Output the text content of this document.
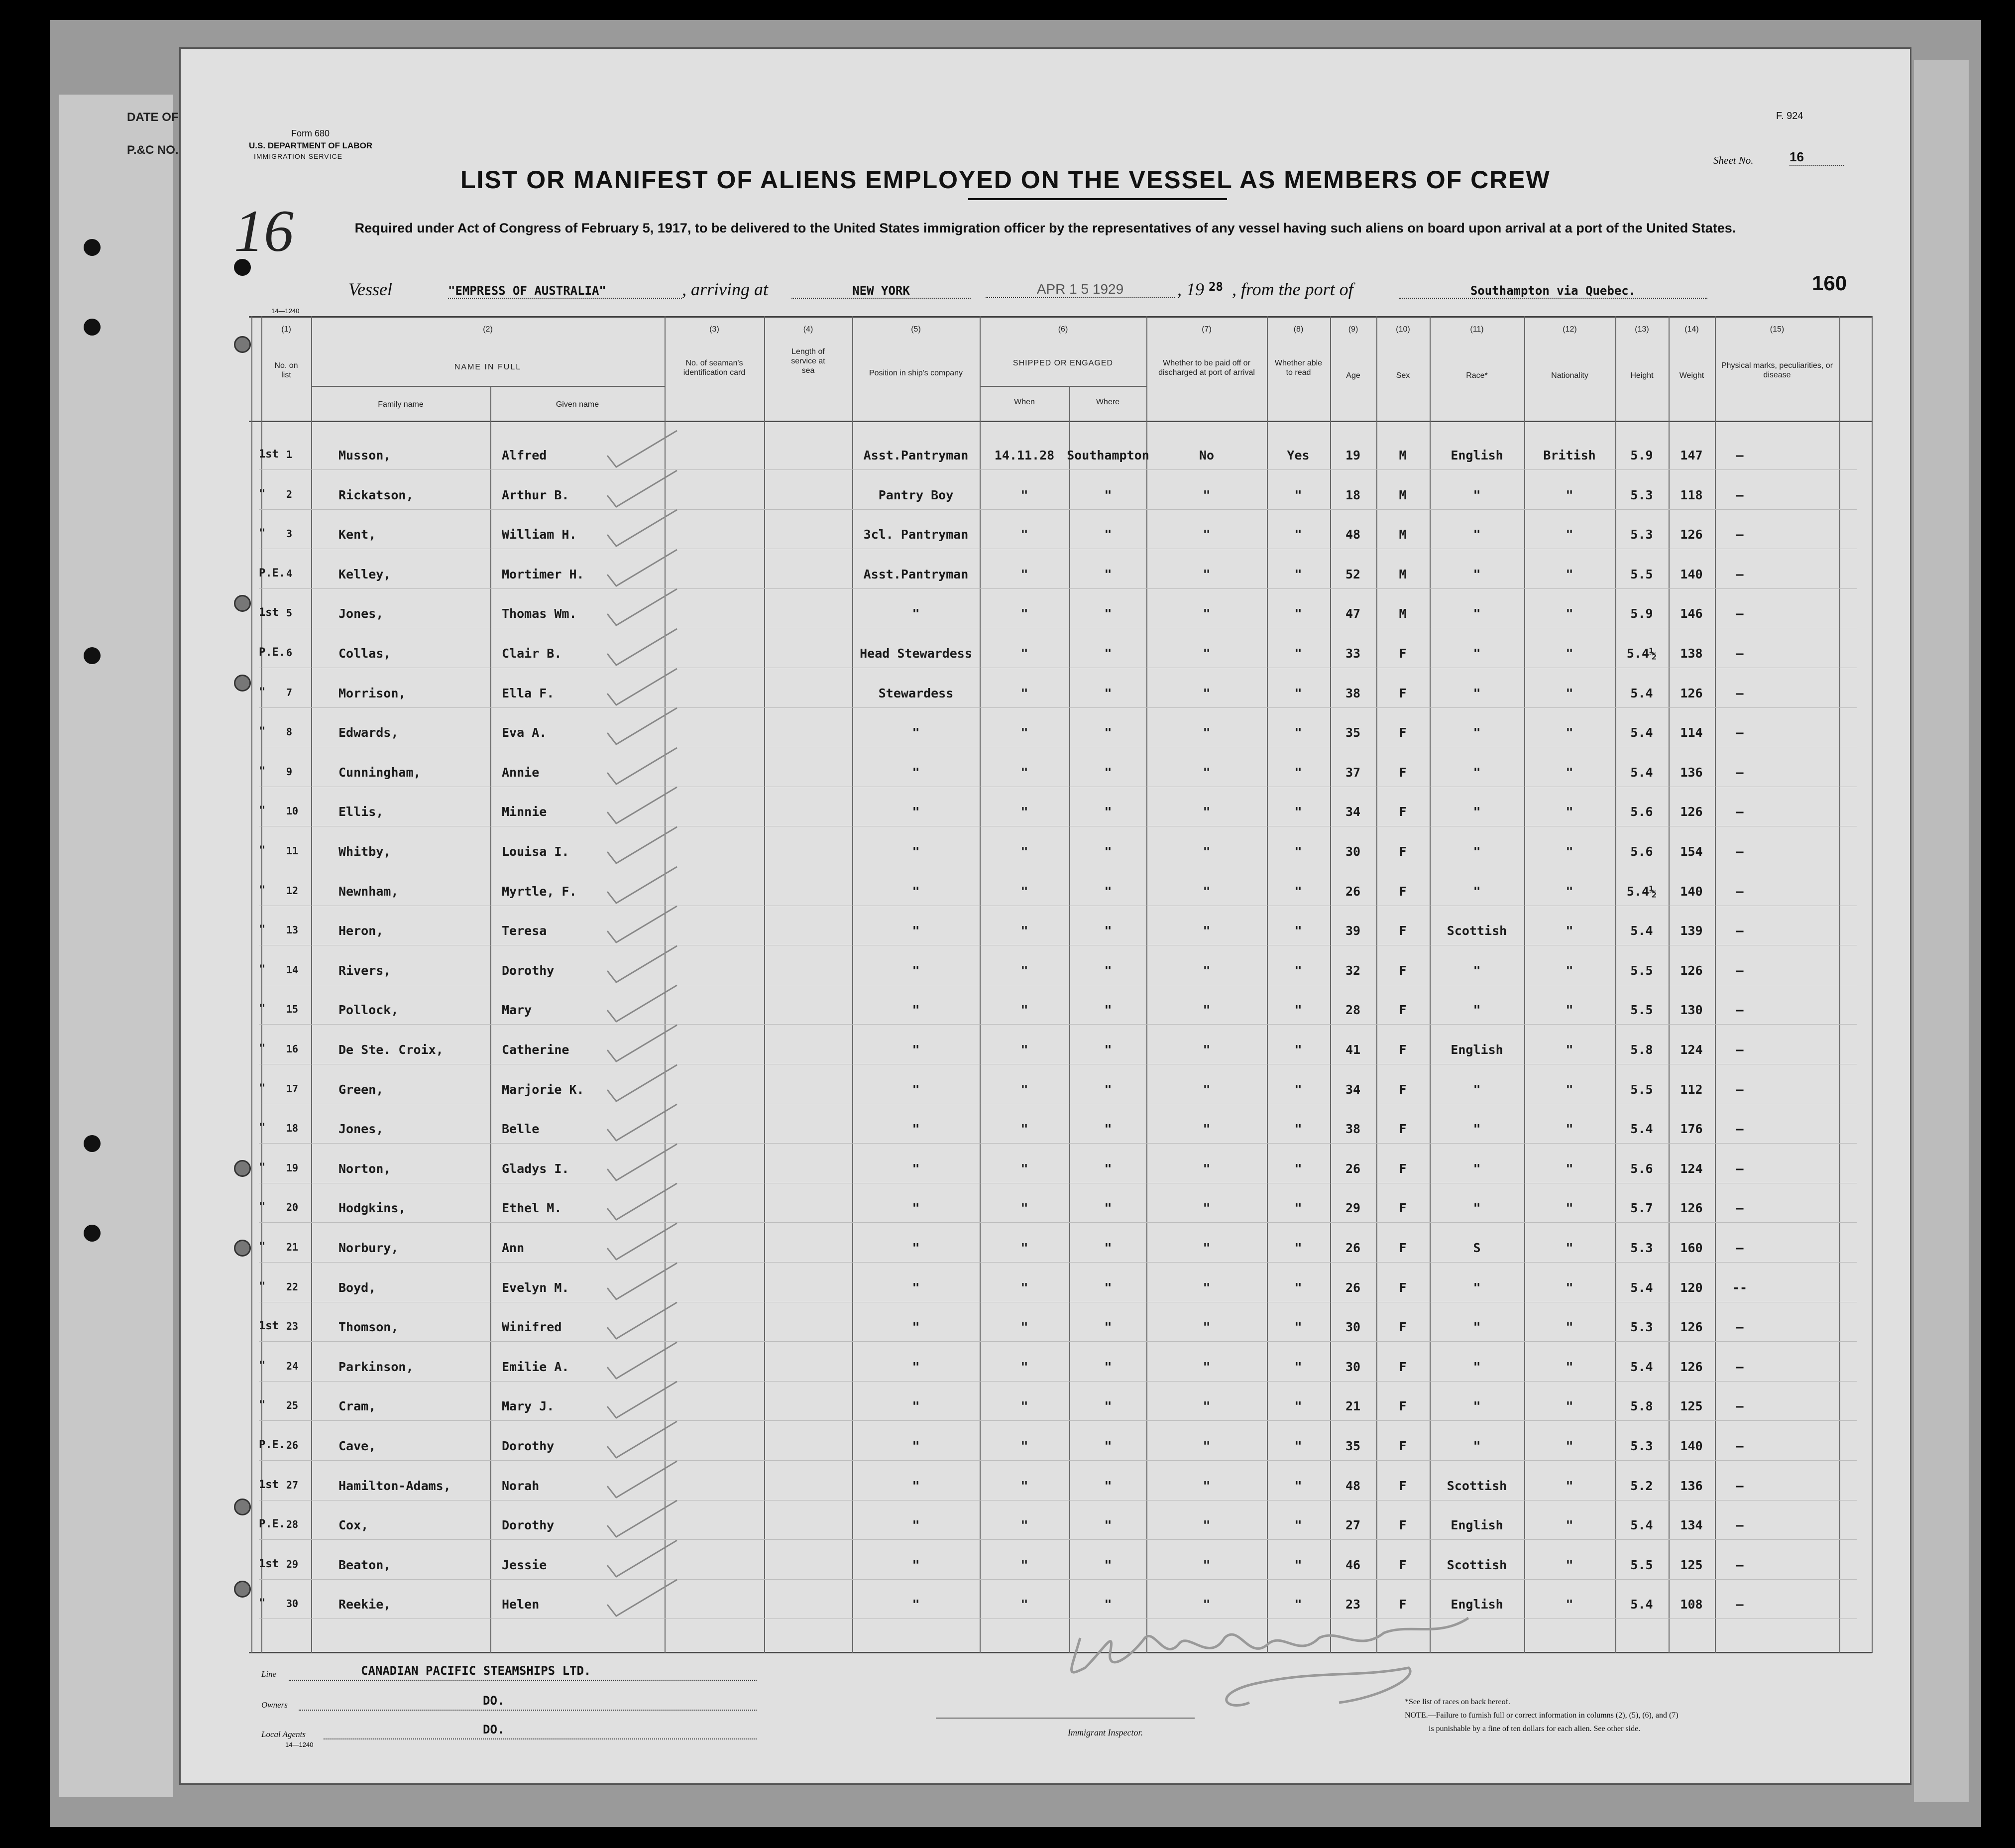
DATE OF
P.&C NO.
16
Form 680
U.S. DEPARTMENT OF LABOR
IMMIGRATION SERVICE
F. 924
Sheet No.	16
LIST OR MANIFEST OF ALIENS EMPLOYED ON THE VESSEL AS MEMBERS OF CREW
Required under Act of Congress of February 5, 1917, to be delivered to the United States immigration officer by the representatives of any vessel having such aliens on board upon arrival at a port of the United States.
Vessel	"EMPRESS OF AUSTRALIA"	, arriving at	NEW YORK	APR 1 5 1929	, 19 28 , from the port of	Southampton via Quebec.	160
14—1240
(1)
No. on list
(2)
NAME IN FULL
Family name	Given name
(3)
No. of seaman's identification card
(4)
Length of service at sea
(5)
Position in ship's company
(6)
SHIPPED OR ENGAGED
When	Where
(7)
Whether to be paid off or discharged at port of arrival
(8)
Whether able to read
(9)
Age
(10)
Sex
(11)
Race*
(12)
Nationality
(13)
Height
(14)
Weight
(15)
Physical marks, peculiarities, or disease
1st 1	Musson,	Alfred	Asst.Pantryman	14.11.28	Southampton	No	Yes	19	M	English	British	5.9	147	—
" 2	Rickatson,	Arthur B.	Pantry Boy	"	"	"	"	18	M	"	"	5.3	118	—
" 3	Kent,	William H.	3cl. Pantryman	"	"	"	"	48	M	"	"	5.3	126	—
P.E. 4	Kelley,	Mortimer H.	Asst.Pantryman	"	"	"	"	52	M	"	"	5.5	140	—
1st 5	Jones,	Thomas Wm.	"	"	"	"	"	47	M	"	"	5.9	146	—
P.E. 6	Collas,	Clair B.	Head Stewardess	"	"	"	"	33	F	"	"	5.4½	138	—
" 7	Morrison,	Ella F.	Stewardess	"	"	"	"	38	F	"	"	5.4	126	—
" 8	Edwards,	Eva A.	"	"	"	"	"	35	F	"	"	5.4	114	—
" 9	Cunningham,	Annie	"	"	"	"	"	37	F	"	"	5.4	136	—
" 10	Ellis,	Minnie	"	"	"	"	"	34	F	"	"	5.6	126	—
" 11	Whitby,	Louisa I.	"	"	"	"	"	30	F	"	"	5.6	154	—
" 12	Newnham,	Myrtle, F.	"	"	"	"	"	26	F	"	"	5.4½	140	—
" 13	Heron,	Teresa	"	"	"	"	"	39	F	Scottish	"	5.4	139	—
" 14	Rivers,	Dorothy	"	"	"	"	"	32	F	"	"	5.5	126	—
" 15	Pollock,	Mary	"	"	"	"	"	28	F	"	"	5.5	130	—
" 16	De Ste. Croix,	Catherine	"	"	"	"	"	41	F	English	"	5.8	124	—
" 17	Green,	Marjorie K.	"	"	"	"	"	34	F	"	"	5.5	112	—
" 18	Jones,	Belle	"	"	"	"	"	38	F	"	"	5.4	176	—
" 19	Norton,	Gladys I.	"	"	"	"	"	26	F	"	"	5.6	124	—
" 20	Hodgkins,	Ethel M.	"	"	"	"	"	29	F	"	"	5.7	126	—
" 21	Norbury,	Ann	"	"	"	"	"	26	F	S	"	5.3	160	—
" 22	Boyd,	Evelyn M.	"	"	"	"	"	26	F	"	"	5.4	120	--
1st 23	Thomson,	Winifred	"	"	"	"	"	30	F	"	"	5.3	126	—
" 24	Parkinson,	Emilie A.	"	"	"	"	"	30	F	"	"	5.4	126	—
" 25	Cram,	Mary J.	"	"	"	"	"	21	F	"	"	5.8	125	—
P.E. 26	Cave,	Dorothy	"	"	"	"	"	35	F	"	"	5.3	140	—
1st 27	Hamilton-Adams,	Norah	"	"	"	"	"	48	F	Scottish	"	5.2	136	—
P.E. 28	Cox,	Dorothy	"	"	"	"	"	27	F	English	"	5.4	134	—
1st 29	Beaton,	Jessie	"	"	"	"	"	46	F	Scottish	"	5.5	125	—
" 30	Reekie,	Helen	"	"	"	"	"	23	F	English	"	5.4	108	—
Line	CANADIAN PACIFIC STEAMSHIPS LTD.
Owners	DO.
Local Agents	DO.
14—1240
Immigrant Inspector.
*See list of races on back hereof.
NOTE.—Failure to furnish full or correct information in columns (2), (5), (6), and (7)
is punishable by a fine of ten dollars for each alien. See other side.
